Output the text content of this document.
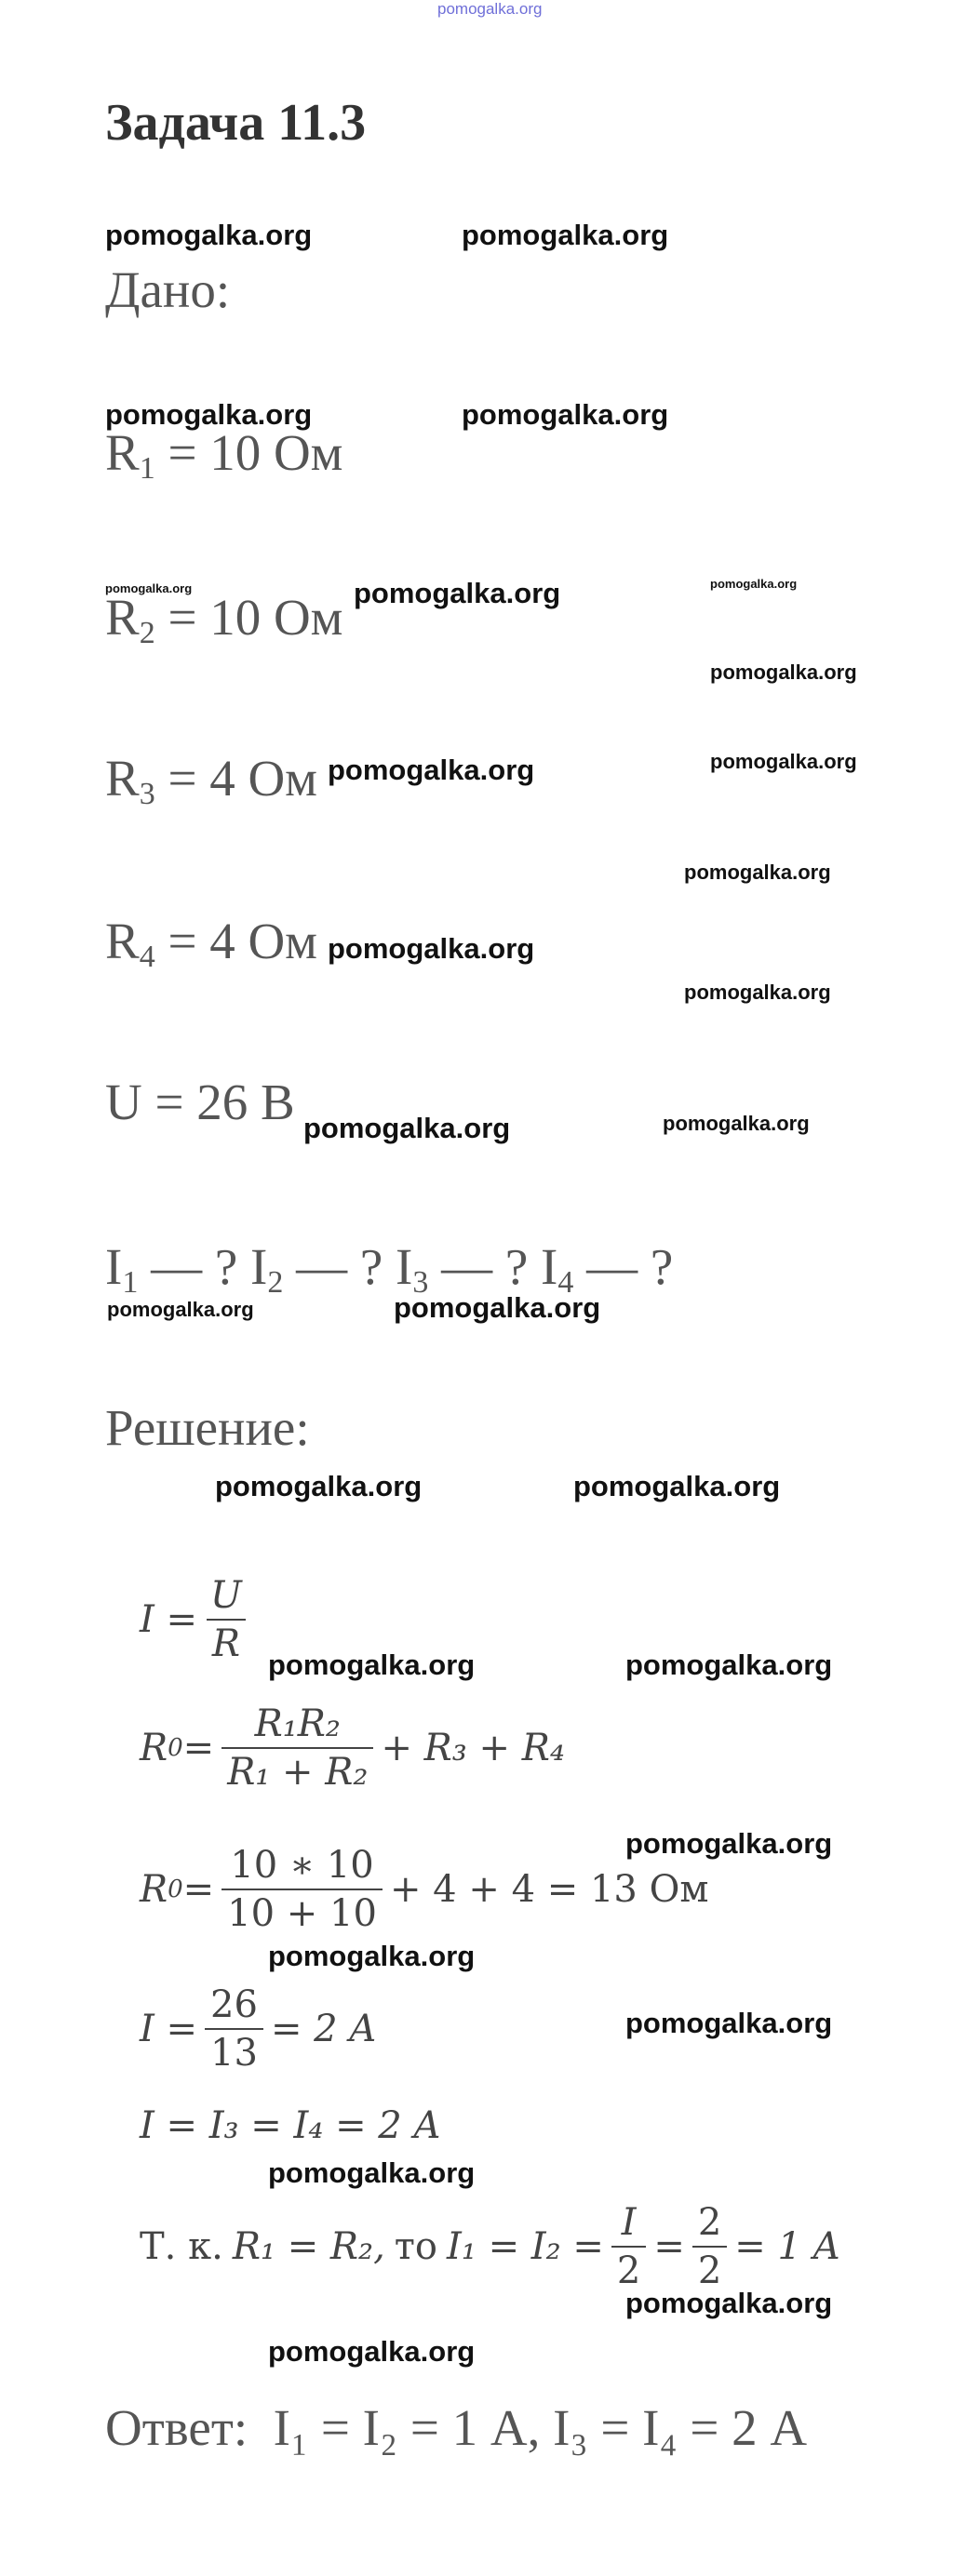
pomogalka.org
Задача 11.3
Дано:
$R_1 = 10$ Ом
$R_2 = 10$ Ом
$R_3 = 4$ Ом
$R_4 = 4$ Ом
U = 26 В
$I_1$ — ? $I_2$ — ? $I_3$ — ? $I_4$ — ?
Решение:
$I = \frac{U}{R}$
R $0 = \frac{\text{R₁R₂}}{\text{R₁ + R₂}} + R_3 + R_4$
R $0 = \frac{10 ∗ 10}{10 + 10} + 4 + 4 = 13$ Ом
$I = \frac{26}{13} = 2$ A
I = I₃ = I₄ = 2 A
Т. к. R₁ = R₂, то $I_1 = I_2 = \frac{I}{2} = \frac{2}{2} = 1$ A
Ответ: I₁ = I₂ = 1 А, I₃ = I₄ = 2 А
pomogalka.org	pomogalka.org
pomogalka.org	pomogalka.org
pomogalka.org	pomogalka.org	pomogalka.org
pomogalka.org
pomogalka.org	pomogalka.org
pomogalka.org
pomogalka.org
pomogalka.org
pomogalka.org	pomogalka.org
pomogalka.org	pomogalka.org
pomogalka.org	pomogalka.org
pomogalka.org	pomogalka.org
pomogalka.org
pomogalka.org
pomogalka.org
pomogalka.org
pomogalka.org
pomogalka.org
